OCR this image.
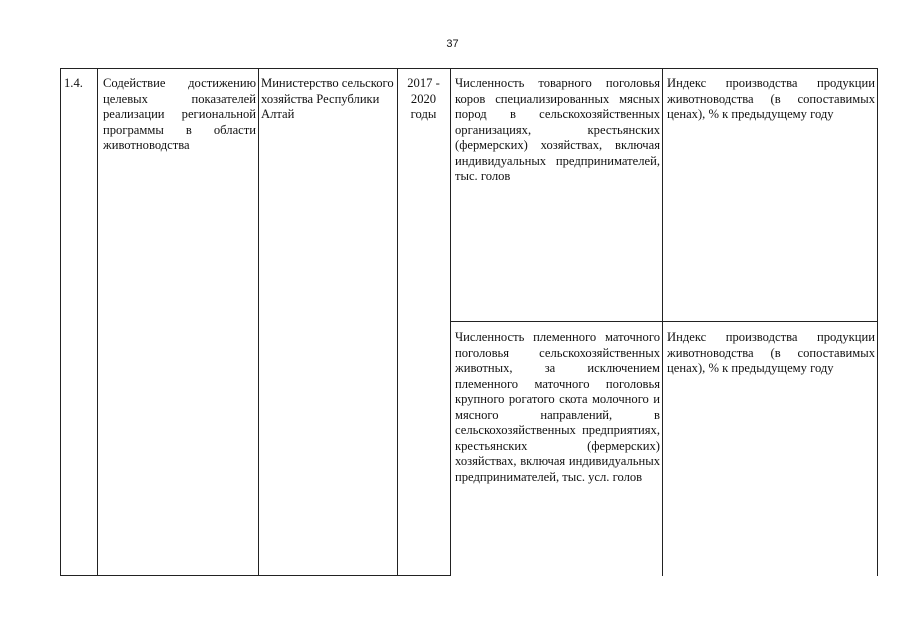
37
1.4.	Содействие достижению целевых показателей реализации региональной программы в области животноводства
Министерство сельского хозяйства Республики Алтай
2017 - 2020 годы
Численность товарного поголовья коров специализированных мясных пород в сельскохозяйственных организациях, крестьянских (фермерских) хозяйствах, включая индивидуальных предпринимателей, тыс. голов
Индекс производства продукции животноводства (в сопоставимых ценах), % к предыдущему году
Численность племенного маточного поголовья сельскохозяйственных животных, за исключением племенного маточного поголовья крупного рогатого скота молочного и мясного направлений, в сельскохозяйственных предприятиях, крестьянских (фермерских) хозяйствах, включая индивидуальных предпринимателей, тыс. усл. голов
Индекс производства продукции животноводства (в сопоставимых ценах), % к предыдущему году
